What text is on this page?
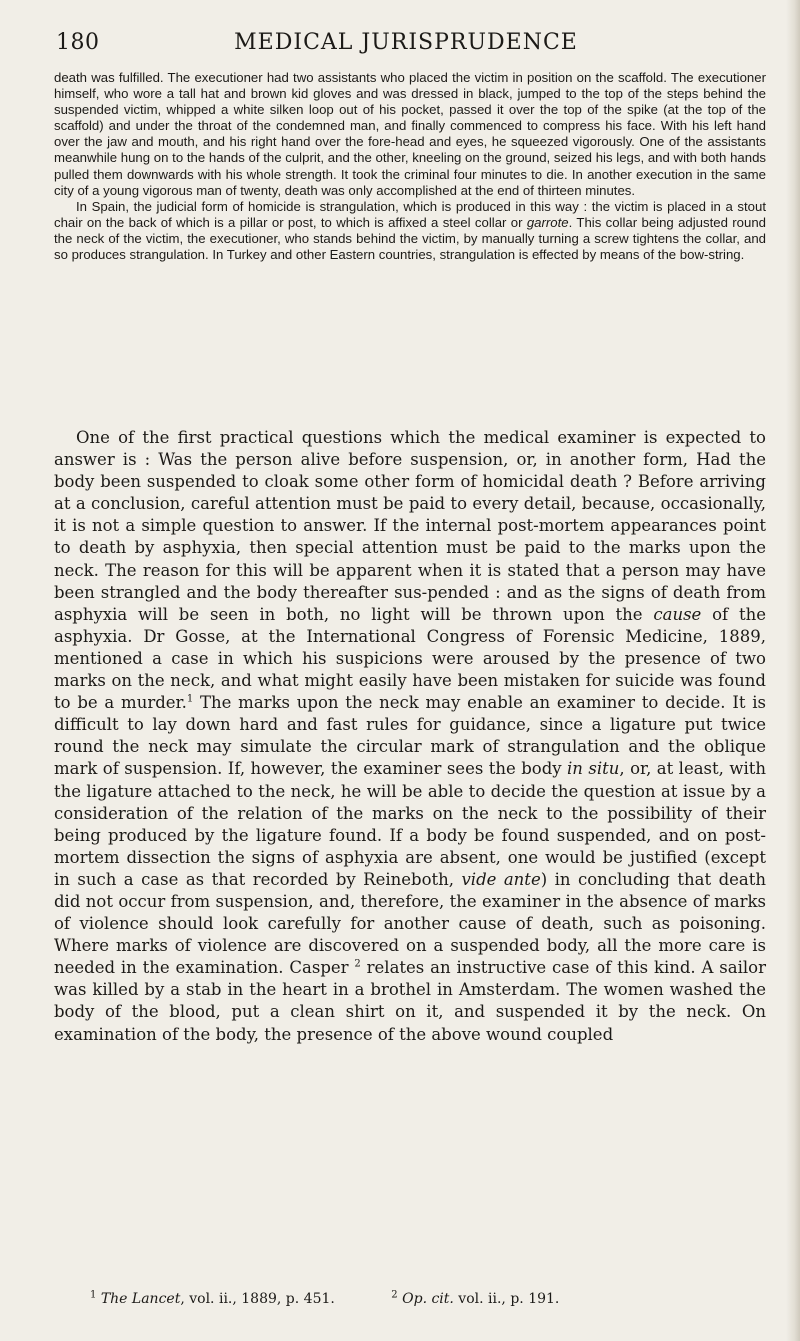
180	MEDICAL JURISPRUDENCE

death was fulfilled. The executioner had two assistants who placed the victim in position on the scaffold. The executioner himself, who wore a tall hat and brown kid gloves and was dressed in black, jumped to the top of the steps behind the suspended victim, whipped a white silken loop out of his pocket, passed it over the top of the spike (at the top of the scaffold) and under the throat of the condemned man, and finally commenced to compress his face. With his left hand over the jaw and mouth, and his right hand over the fore-head and eyes, he squeezed vigorously. One of the assistants meanwhile hung on to the hands of the culprit, and the other, kneeling on the ground, seized his legs, and with both hands pulled them downwards with his whole strength. It took the criminal four minutes to die. In another execution in the same city of a young vigorous man of twenty, death was only accomplished at the end of thirteen minutes.

In Spain, the judicial form of homicide is strangulation, which is produced in this way : the victim is placed in a stout chair on the back of which is a pillar or post, to which is affixed a steel collar or garrote. This collar being adjusted round the neck of the victim, the executioner, who stands behind the victim, by manually turning a screw tightens the collar, and so produces strangulation. In Turkey and other Eastern countries, strangulation is effected by means of the bow-string.

One of the first practical questions which the medical examiner is expected to answer is : Was the person alive before suspension, or, in another form, Had the body been suspended to cloak some other form of homicidal death ? Before arriving at a conclusion, careful attention must be paid to every detail, because, occasionally, it is not a simple question to answer. If the internal post-mortem appearances point to death by asphyxia, then special attention must be paid to the marks upon the neck. The reason for this will be apparent when it is stated that a person may have been strangled and the body thereafter sus-pended : and as the signs of death from asphyxia will be seen in both, no light will be thrown upon the cause of the asphyxia. Dr Gosse, at the International Congress of Forensic Medicine, 1889, mentioned a case in which his suspicions were aroused by the presence of two marks on the neck, and what might easily have been mistaken for suicide was found to be a murder.$^1$ The marks upon the neck may enable an examiner to decide. It is difficult to lay down hard and fast rules for guidance, since a ligature put twice round the neck may simulate the circular mark of strangulation and the oblique mark of suspension. If, however, the examiner sees the body in situ, or, at least, with the ligature attached to the neck, he will be able to decide the question at issue by a consideration of the relation of the marks on the neck to the possibility of their being produced by the ligature found. If a body be found suspended, and on post-mortem dissection the signs of asphyxia are absent, one would be justified (except in such a case as that recorded by Reineboth, vide ante) in concluding that death did not occur from suspension, and, therefore, the examiner in the absence of marks of violence should look carefully for another cause of death, such as poisoning. Where marks of violence are discovered on a suspended body, all the more care is needed in the examination. Casper $^2$ relates an instructive case of this kind. A sailor was killed by a stab in the heart in a brothel in Amsterdam. The women washed the body of the blood, put a clean shirt on it, and suspended it by the neck. On examination of the body, the presence of the above wound coupled

$^1$ The Lancet, vol. ii., 1889, p. 451.	$^2$ Op. cit. vol. ii., p. 191.
